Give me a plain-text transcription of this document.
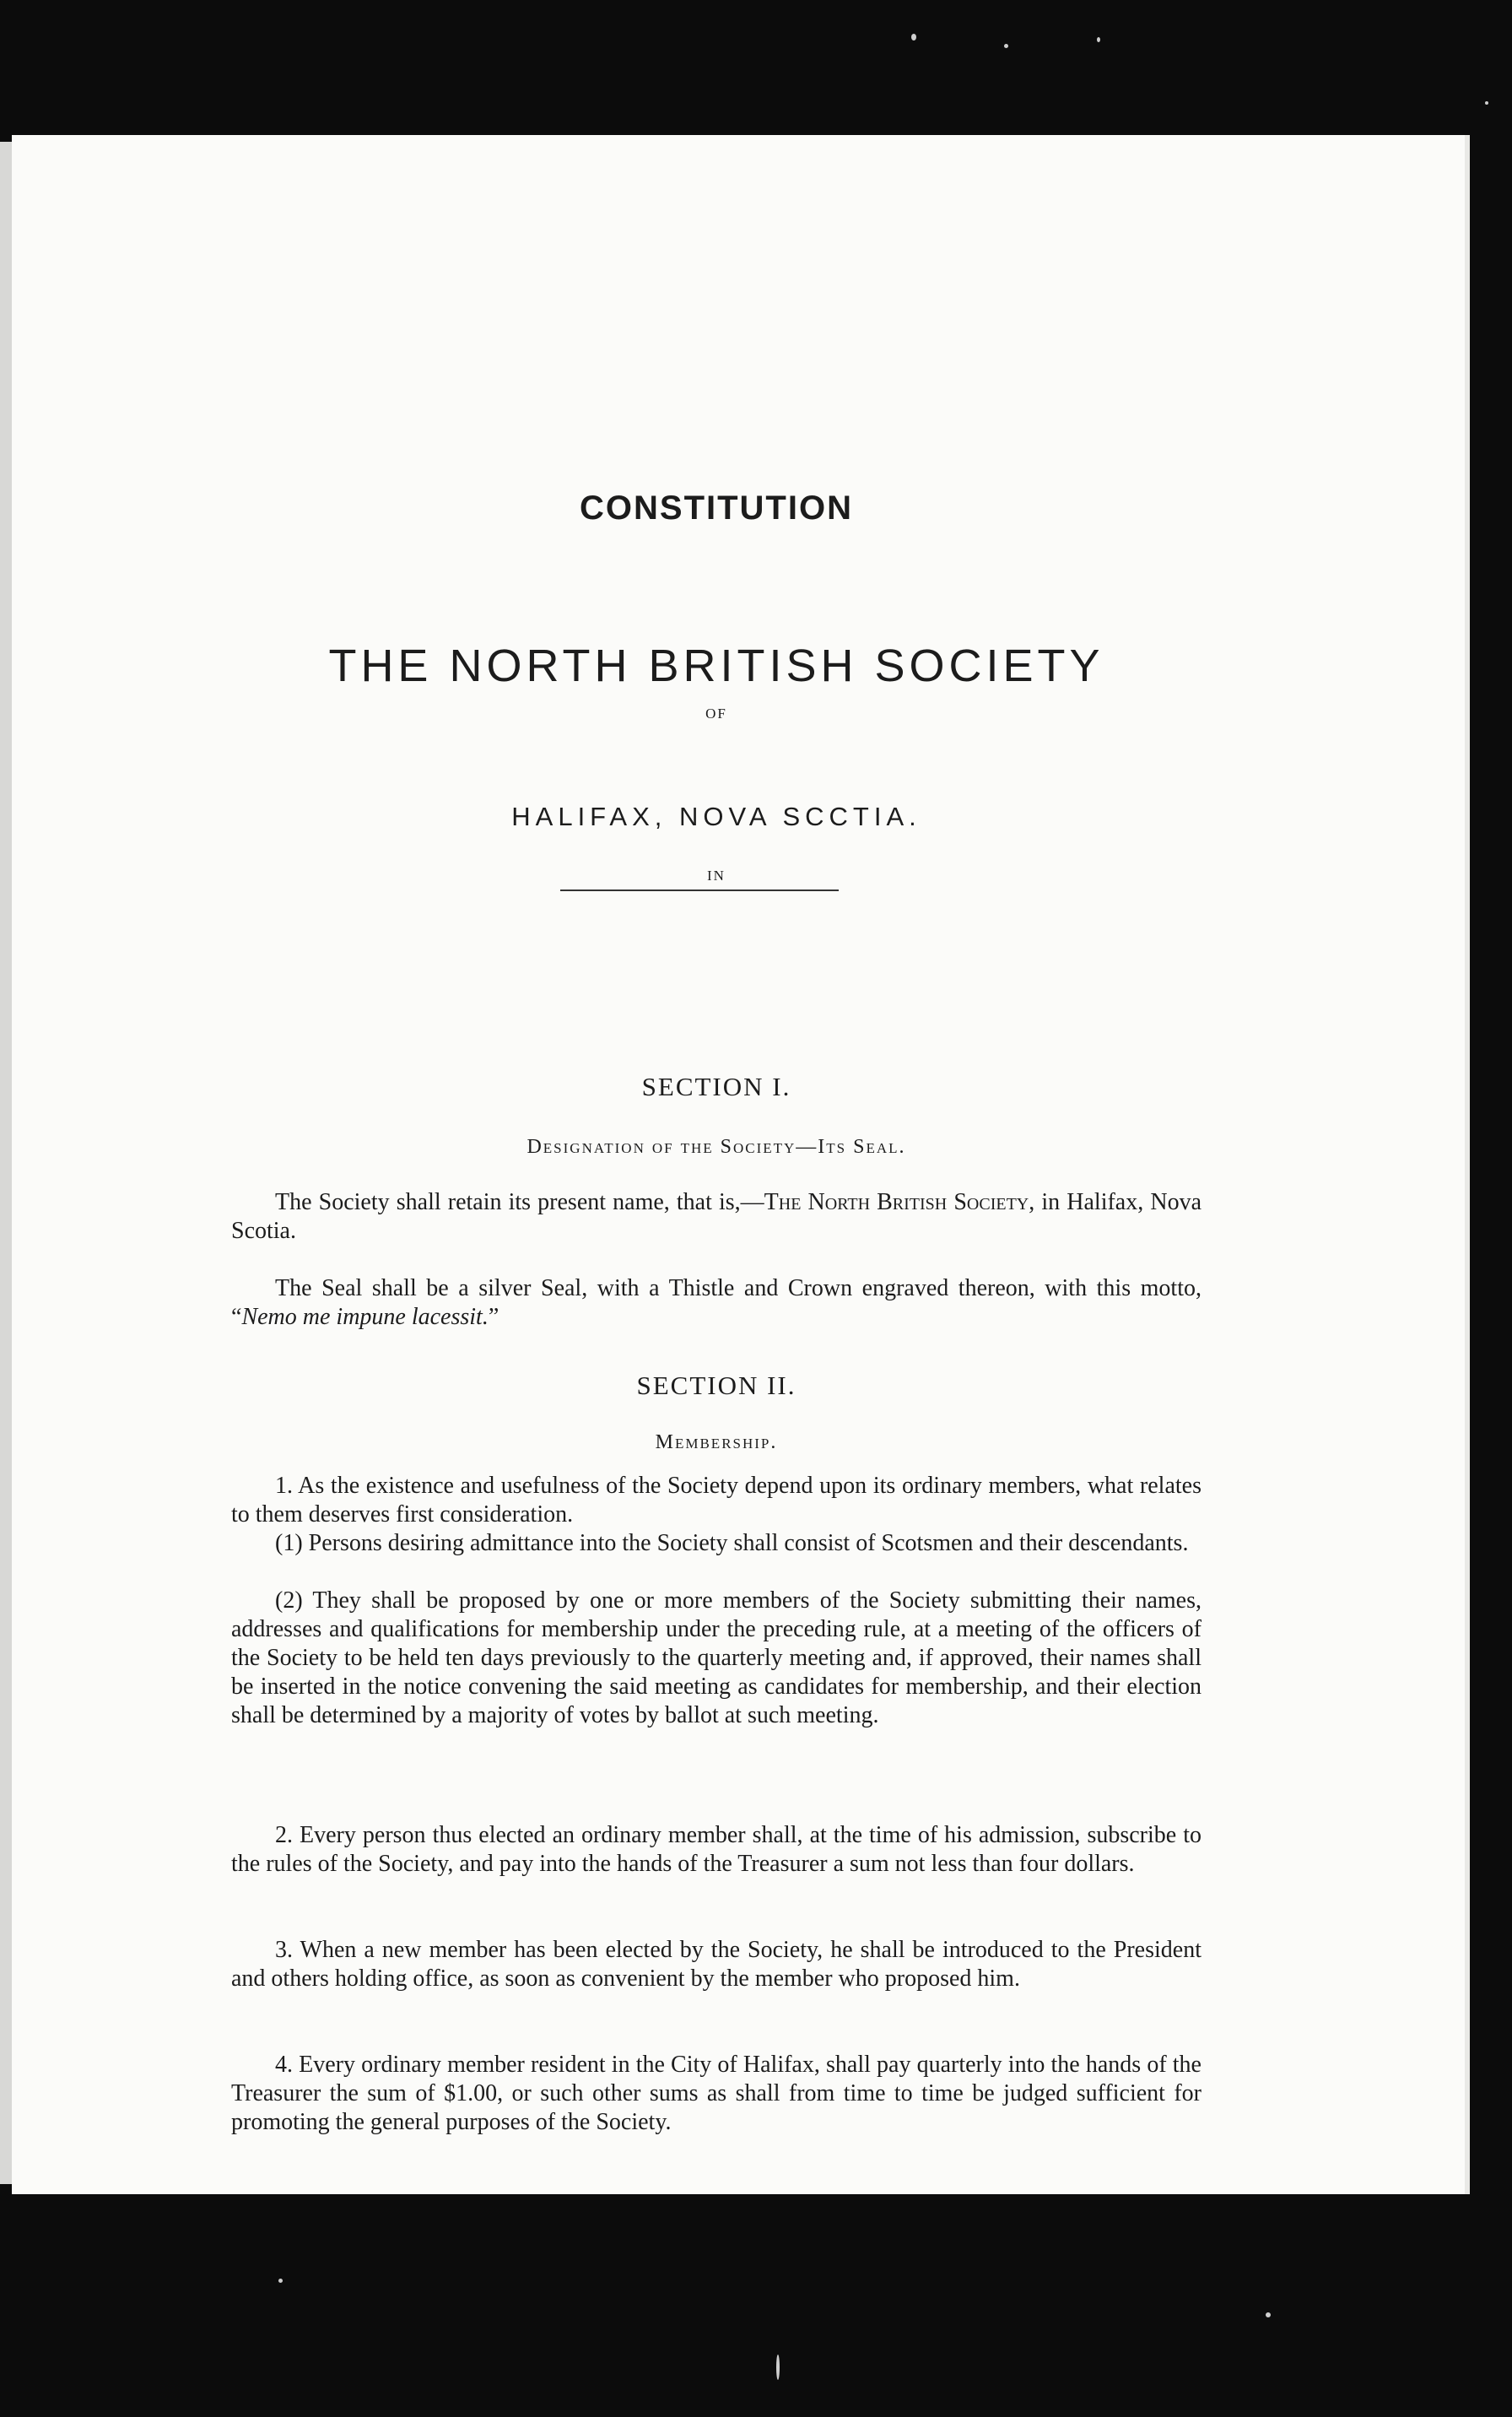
CONSTITUTION
OF
THE NORTH BRITISH SOCIETY
IN
HALIFAX, NOVA SCCTIA.
SECTION I.
Designation of the Society—Its Seal.
The Society shall retain its present name, that is,—The North British Society, in Halifax, Nova Scotia.
The Seal shall be a silver Seal, with a Thistle and Crown engraved thereon, with this motto, “Nemo me impune lacessit.”
SECTION II.
Membership.
1. As the existence and usefulness of the Society depend upon its ordinary members, what relates to them deserves first consideration.
(1) Persons desiring admittance into the Society shall consist of Scotsmen and their descendants.
(2) They shall be proposed by one or more members of the Society submitting their names, addresses and qualifications for membership under the preceding rule, at a meeting of the officers of the Society to be held ten days previously to the quarterly meeting and, if approved, their names shall be inserted in the notice convening the said meeting as candidates for membership, and their election shall be determined by a majority of votes by ballot at such meeting.
2. Every person thus elected an ordinary member shall, at the time of his admission, subscribe to the rules of the Society, and pay into the hands of the Treasurer a sum not less than four dollars.
3. When a new member has been elected by the Society, he shall be introduced to the President and others holding office, as soon as convenient by the member who proposed him.
4. Every ordinary member resident in the City of Halifax, shall pay quarterly into the hands of the Treasurer the sum of $1.00, or such other sums as shall from time to time be judged sufficient for promoting the general purposes of the Society.
